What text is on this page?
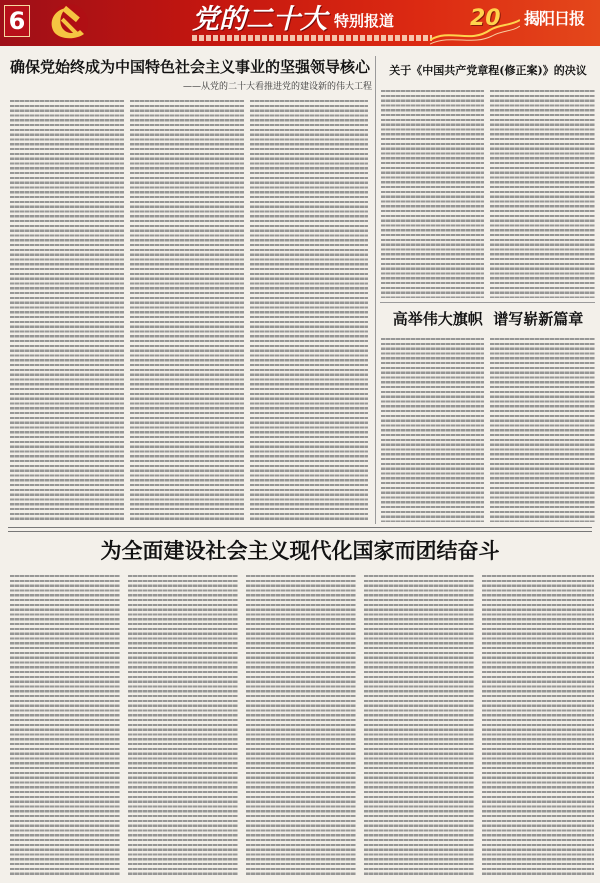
6	党的二十大 特别报道	20 揭阳日报
确保党始终成为中国特色社会主义事业的坚强领导核心
——从党的二十大看推进党的建设新的伟大工程
关于《中国共产党章程(修正案)》的决议
高举伟大旗帜  谱写崭新篇章
为全面建设社会主义现代化国家而团结奋斗
